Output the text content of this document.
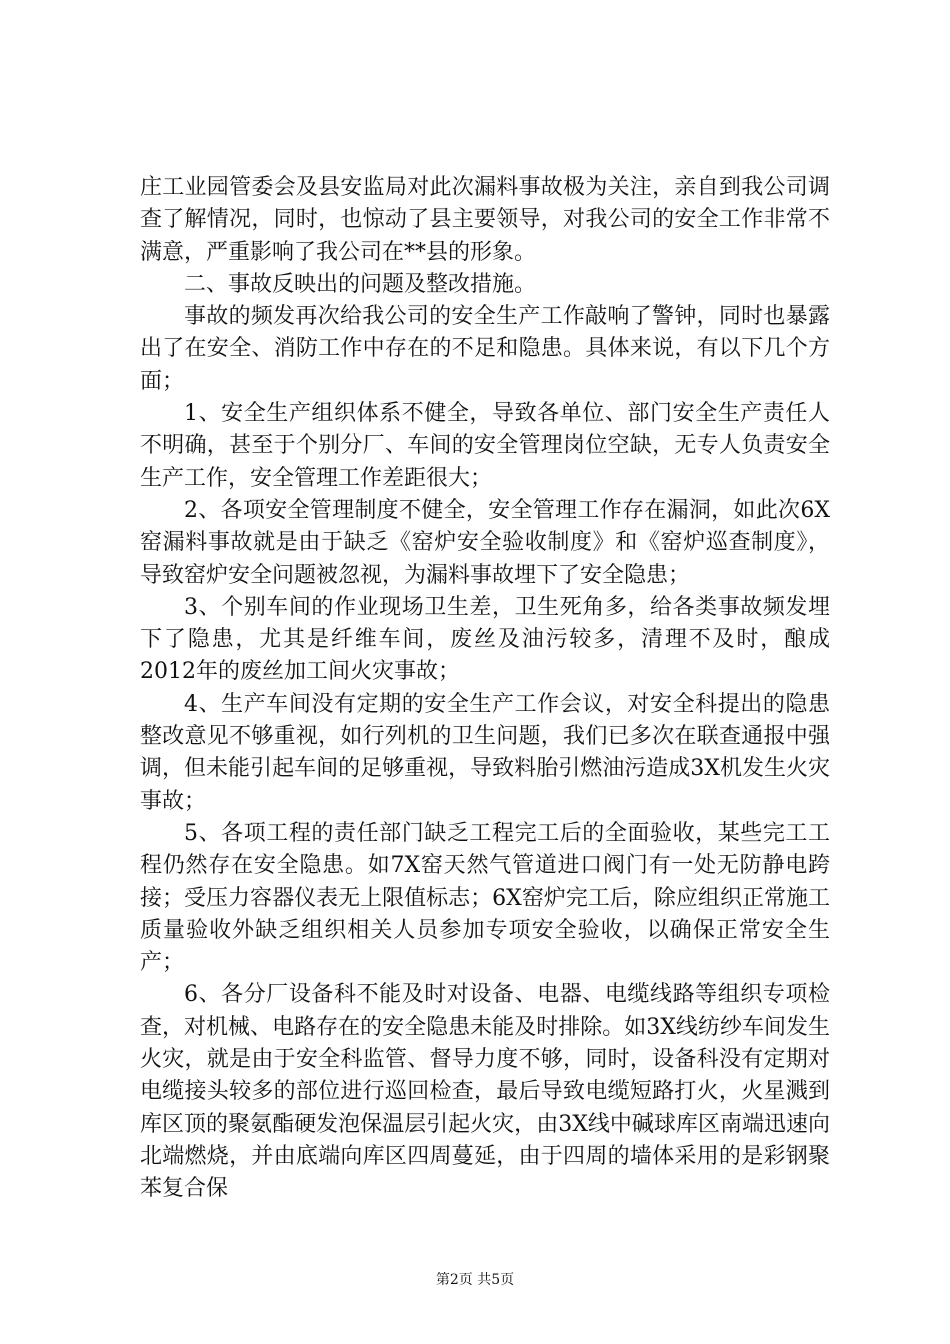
庄工业园管委会及县安监局对此次漏料事故极为关注，亲自到我公司调查了解情况，同时，也惊动了县主要领导，对我公司的安全工作非常不满意，严重影响了我公司在**县的形象。

二、事故反映出的问题及整改措施。

事故的频发再次给我公司的安全生产工作敲响了警钟，同时也暴露出了在安全、消防工作中存在的不足和隐患。具体来说，有以下几个方面；

1、安全生产组织体系不健全，导致各单位、部门安全生产责任人不明确，甚至于个别分厂、车间的安全管理岗位空缺，无专人负责安全生产工作，安全管理工作差距很大；

2、各项安全管理制度不健全，安全管理工作存在漏洞，如此次6X窑漏料事故就是由于缺乏《窑炉安全验收制度》和《窑炉巡查制度》，导致窑炉安全问题被忽视，为漏料事故埋下了安全隐患；

3、个别车间的作业现场卫生差，卫生死角多，给各类事故频发埋下了隐患，尤其是纤维车间，废丝及油污较多，清理不及时，酿成2012年的废丝加工间火灾事故；

4、生产车间没有定期的安全生产工作会议，对安全科提出的隐患整改意见不够重视，如行列机的卫生问题，我们已多次在联查通报中强调，但未能引起车间的足够重视，导致料胎引燃油污造成3X机发生火灾事故；

5、各项工程的责任部门缺乏工程完工后的全面验收，某些完工工程仍然存在安全隐患。如7X窑天然气管道进口阀门有一处无防静电跨接；受压力容器仪表无上限值标志；6X窑炉完工后，除应组织正常施工质量验收外缺乏组织相关人员参加专项安全验收，以确保正常安全生产；

6、各分厂设备科不能及时对设备、电器、电缆线路等组织专项检查，对机械、电路存在的安全隐患未能及时排除。如3X线纺纱车间发生火灾，就是由于安全科监管、督导力度不够，同时，设备科没有定期对电缆接头较多的部位进行巡回检查，最后导致电缆短路打火，火星溅到库区顶的聚氨酯硬发泡保温层引起火灾，由3X线中碱球库区南端迅速向北端燃烧，并由底端向库区四周蔓延，由于四周的墙体采用的是彩钢聚苯复合保

第2页 共5页
